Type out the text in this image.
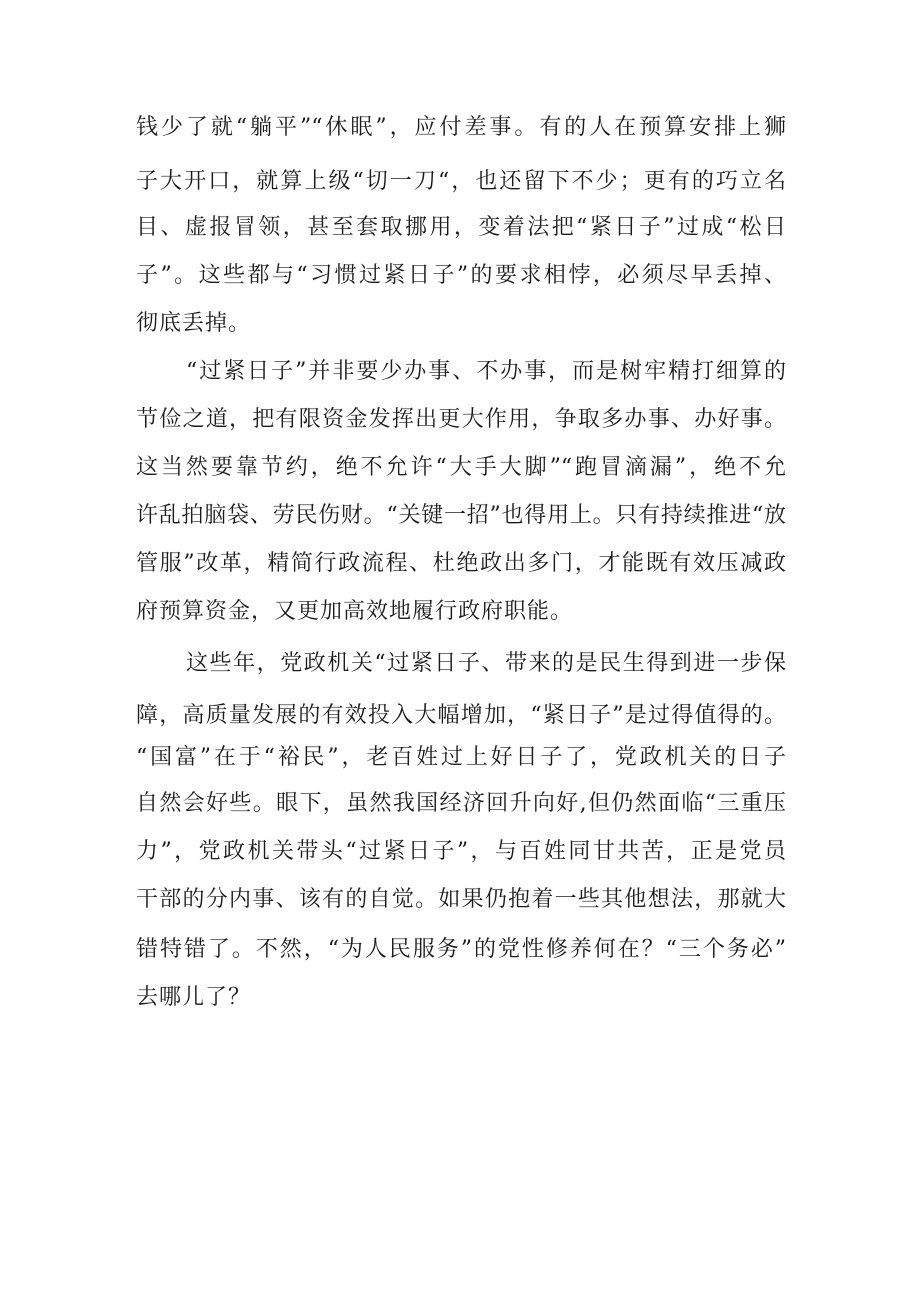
钱少了就“躺平”“休眠”，应付差事。有的人在预算安排上狮
子大开口，就算上级“切一刀“，也还留下不少；更有的巧立名
目、虚报冒领，甚至套取挪用，变着法把“紧日子”过成“松日
子”。这些都与“习惯过紧日子”的要求相悖，必须尽早丢掉、
彻底丢掉。
“过紧日子”并非要少办事、不办事，而是树牢精打细算的
节俭之道，把有限资金发挥出更大作用，争取多办事、办好事。
这当然要靠节约，绝不允许“大手大脚”“跑冒滴漏”，绝不允
许乱拍脑袋、劳民伤财。“关键一招”也得用上。只有持续推进“放
管服”改革，精简行政流程、杜绝政出多门，才能既有效压减政
府预算资金，又更加高效地履行政府职能。
这些年，党政机关“过紧日子、带来的是民生得到进一步保
障，高质量发展的有效投入大幅增加，“紧日子”是过得值得的。
“国富”在于“裕民”，老百姓过上好日子了，党政机关的日子
自然会好些。眼下，虽然我国经济回升向好,但仍然面临“三重压
力”，党政机关带头“过紧日子”，与百姓同甘共苦，正是党员
干部的分内事、该有的自觉。如果仍抱着一些其他想法，那就大
错特错了。不然，“为人民服务”的党性修养何在？“三个务必”
去哪儿了？
